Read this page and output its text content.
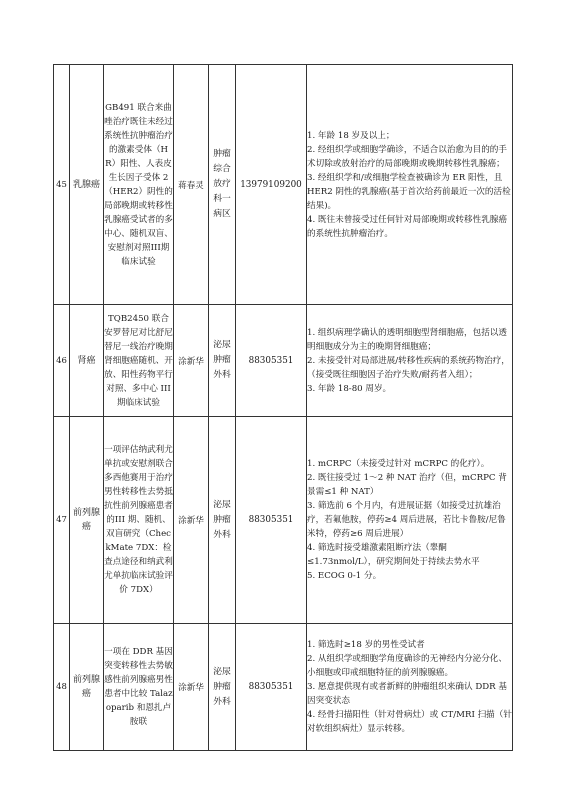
45	乳腺癌	GB491 联合来曲唑治疗既往未经过系统性抗肿瘤治疗的激素受体（HR）阳性、人表皮生长因子受体 2（HER2）阴性的局部晚期或转移性乳腺癌受试者的多中心、随机双盲、安慰剂对照III期临床试验	蒋春灵	肿瘤综合放疗科一病区	13979109200	1. 年龄 18 岁及以上；
2. 经组织学或细胞学确诊，不适合以治愈为目的的手术切除或放射治疗的局部晚期或晚期转移性乳腺癌；
3. 经组织学和/或细胞学检查被确诊为 ER 阳性，且 HER2 阴性的乳腺癌(基于首次给药前最近一次的活检结果)。
4. 既往未曾接受过任何针对局部晚期或转移性乳腺癌的系统性抗肿瘤治疗。

46	肾癌	TQB2450 联合安罗替尼对比舒尼替尼一线治疗晚期肾细胞癌随机、开放、阳性药物平行对照、多中心 III 期临床试验	涂新华	泌尿肿瘤外科	88305351	1. 组织病理学确认的透明细胞型肾细胞癌，包括以透明细胞成分为主的晚期肾细胞癌；
2. 未接受针对局部进展/转移性疾病的系统药物治疗，（接受既往细胞因子治疗失败/耐药者入组）；
3. 年龄 18-80 周岁。

47	前列腺癌	一项评估纳武利尤单抗或安慰剂联合多西他赛用于治疗男性转移性去势抵抗性前列腺癌患者的III 期、随机、双盲研究（CheckMate 7DX：检查点途径和纳武利尤单抗临床试验评价 7DX）	涂新华	泌尿肿瘤外科	88305351	1. mCRPC（未接受过针对 mCRPC 的化疗）。
2. 既往接受过 1～2 种 NAT 治疗（但，mCRPC 背景需≤1 种 NAT）
3. 筛选前 6 个月内，有进展证据（如接受过抗雄治疗，若氟他胺，停药≥4 周后进展，若比卡鲁胺/尼鲁米特，停药≥6 周后进展）
4. 筛选时接受雄激素阻断疗法（睾酮≤1.73nmol/L），研究期间处于持续去势水平
5. ECOG 0-1 分。

48	前列腺癌	一项在 DDR 基因突变转移性去势敏感性前列腺癌男性患者中比较 Talazoparib 和恩扎卢胺联	涂新华	泌尿肿瘤外科	88305351	1. 筛选时≥18 岁的男性受试者
2. 从组织学或细胞学角度确诊的无神经内分泌分化、小细胞或印戒细胞特征的前列腺腺癌。
3. 愿意提供现有或者新鲜的肿瘤组织来确认 DDR 基因突变状态
4. 经骨扫描阳性（针对骨病灶）或 CT/MRI 扫描（针对软组织病灶）显示转移。
